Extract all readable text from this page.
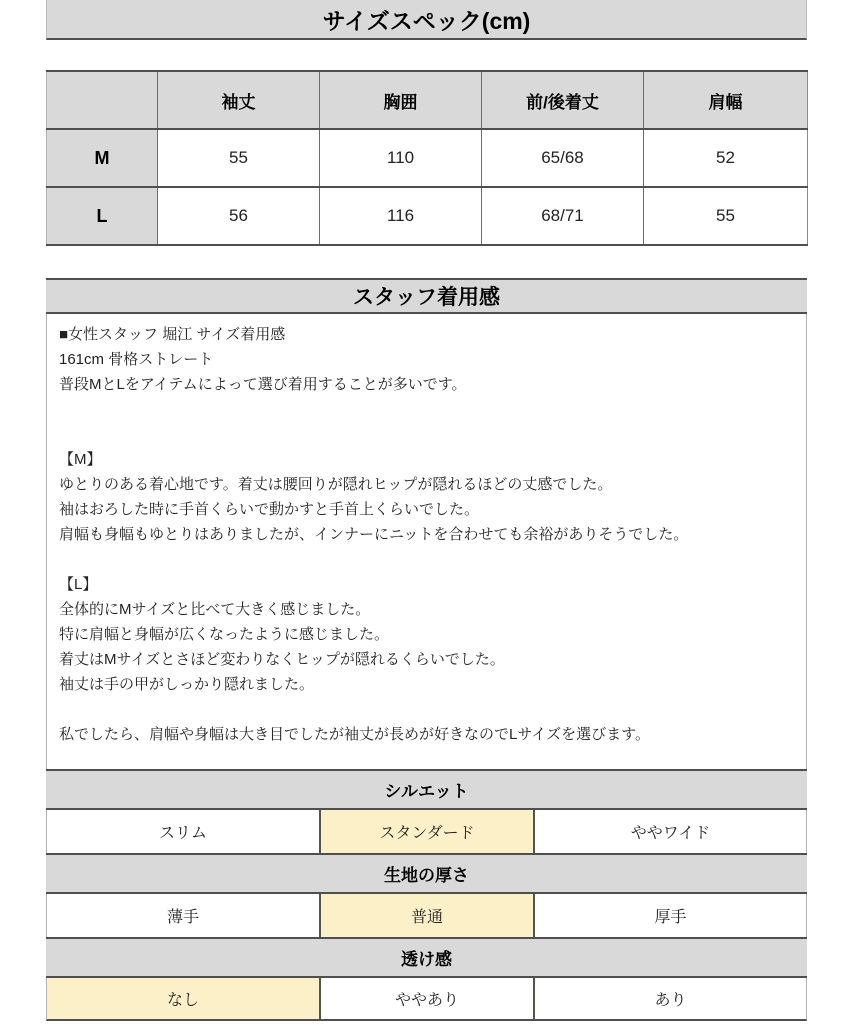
サイズスペック(cm)
	袖丈	胸囲	前/後着丈	肩幅
M	55	110	65/68	52
L	56	116	68/71	55
スタッフ着用感
■女性スタッフ 堀江 サイズ着用感
161cm 骨格ストレート
普段MとLをアイテムによって選び着用することが多いです。
【M】
ゆとりのある着心地です。着丈は腰回りが隠れヒップが隠れるほどの丈感でした。
袖はおろした時に手首くらいで動かすと手首上くらいでした。
肩幅も身幅もゆとりはありましたが、インナーにニットを合わせても余裕がありそうでした。
【L】
全体的にMサイズと比べて大きく感じました。
特に肩幅と身幅が広くなったように感じました。
着丈はMサイズとさほど変わりなくヒップが隠れるくらいでした。
袖丈は手の甲がしっかり隠れました。
私でしたら、肩幅や身幅は大き目でしたが袖丈が長めが好きなのでLサイズを選びます。
シルエット
スリム	スタンダード	ややワイド
生地の厚さ
薄手	普通	厚手
透け感
なし	ややあり	あり
